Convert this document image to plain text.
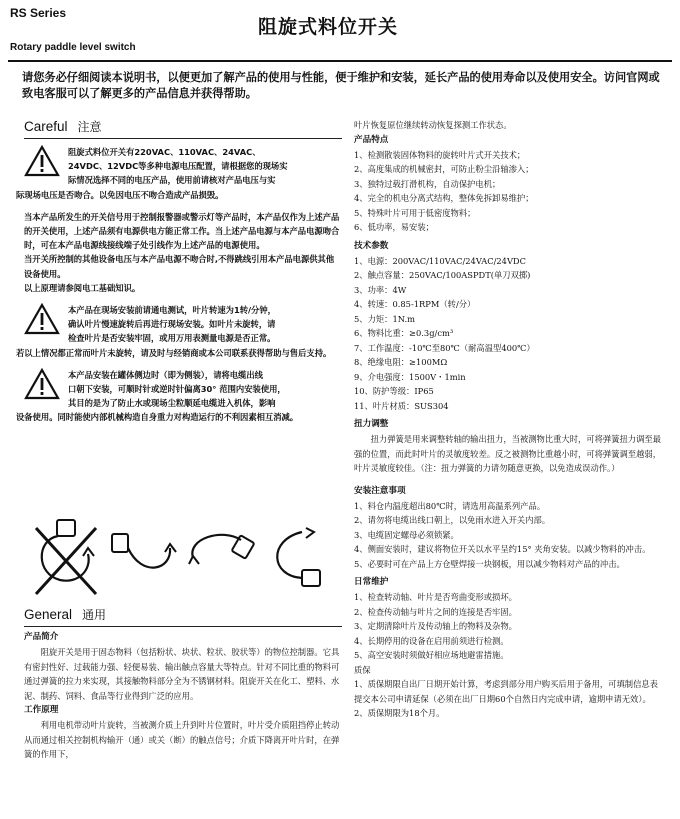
RS Series
Rotary paddle level switch
阻旋式料位开关
请您务必仔细阅读本说明书，以便更加了解产品的使用与性能，便于维护和安装，延长产品的使用寿命以及使用安全。访问官网或致电客服可以了解更多的产品信息并获得帮助。
Careful 注意
阻旋式料位开关有220VAC、110VAC、24VAC、
24VDC、12VDC等多种电源电压配置，请根据您的现场实
际情况选择不同的电压产品，使用前请核对产品电压与实
际现场电压是否吻合。以免因电压不吻合造成产品损毁。
当本产品所发生的开关信号用于控制报警器或警示灯等产品时，本产品仅作为上述产品的开关使用，上述产品须有电源供电方能正常工作。当上述产品电源与本产品电源吻合时，可在本产品电源线接线端子处引线作为上述产品的电源使用。
当开关所控制的其他设备电压与本产品电源不吻合时,不得跳线引用本产品电源供其他设备使用。
以上原理请参阅电工基础知识。
本产品在现场安装前请通电测试，叶片转速为1转/分钟，
确认叶片慢速旋转后再进行现场安装。如叶片未旋转，请
检查叶片是否安装牢固，或用万用表测量电源是否正常。
若以上情况都正常而叶片未旋转，请及时与经销商或本公司联系获得帮助与售后支持。
本产品安装在罐体侧边时（即为侧装），请将电缆出线
口朝下安装，可顺时针或逆时针偏离30° 范围内安装使用，
其目的是为了防止水或现场尘粒顺延电缆进入机体，影响
设备使用。同时能使内部机械构造自身重力对构造运行的不利因素相互消减。
General 通用
产品简介
阻旋开关是用于固态物料（包括粉状、块状、粒状、胶状等）的物位控制器。它具有密封性好、过载能力强、轻便易装、输出触点容量大等特点。针对不同比重的物料可通过弹簧的拉力来实现，其接触物料部分全为不锈钢材料。阻旋开关在化工、塑料、水泥、制药、饲料、食品等行业得到广泛的应用。
工作原理
利用电机带动叶片旋转，当被测介质上升到叶片位置时，叶片受介质阻挡停止转动从而通过相关控制机构输开（通）或关（断）的触点信号；介质下降离开叶片时，在弹簧的作用下，
叶片恢复原位继续转动恢复探测工作状态。
产品特点
1、检测散装固体物料的旋转叶片式开关技术；
2、高度集成的机械密封，可防止粉尘沿轴渗入；
3、独特过载打滑机构，自动保护电机；
4、完全的机电分离式结构，整体免拆卸易维护；
5、特殊叶片可用于低密度物料；
6、低功率，易安装；
技术参数
1、电源：200VAC/110VAC/24VAC/24VDC
2、触点容量：250VAC/100ASPDT(单刀双掷)
3、功率：4W
4、转速：0.85-1RPM（转/分）
5、力矩：1N.m
6、物料比重：≥0.3g/cm³
7、工作温度：-10℃至80℃（耐高温型400℃）
8、绝缘电阻：≥100MΩ
9、介电强度：1500V・1min
10、防护等级：IP65
11、叶片材质：SUS304
扭力调整
扭力弹簧是用来调整转轴的输出扭力，当被测物比重大时，可将弹簧扭力调至最强的位置，而此时叶片的灵敏度较差。反之被测物比重越小时，可将弹簧调至越弱，叶片灵敏度较佳。（注：扭力弹簧的力请勿随意更换，以免造成误动作。）
安装注意事项
1、料仓内温度超出80℃时，请选用高温系列产品。
2、请勿将电缆出线口朝上，以免雨水进入开关内部。
3、电缆固定螺母必须锁紧。
4、侧面安装时，建议将物位开关以水平呈约15° 夹角安装。以减少物料的冲击。
5、必要时可在产品上方仓壁焊接一块钢板，用以减少物料对产品的冲击。
日常维护
1、检查转动轴、叶片是否弯曲变形或损坏。
2、检查传动轴与叶片之间的连接是否牢固。
3、定期清除叶片及传动轴上的物料及杂物。
4、长期停用的设备在启用前须进行检测。
5、高空安装时须做好相应场地避雷措施。
质保
1、质保期限自出厂日期开始计算，考虑到部分用户购买后用于备用，可填制信息表提交本公司申请延保（必须在出厂日期60个自然日内完成申请，逾期申请无效）。
2、质保期限为18个月。
